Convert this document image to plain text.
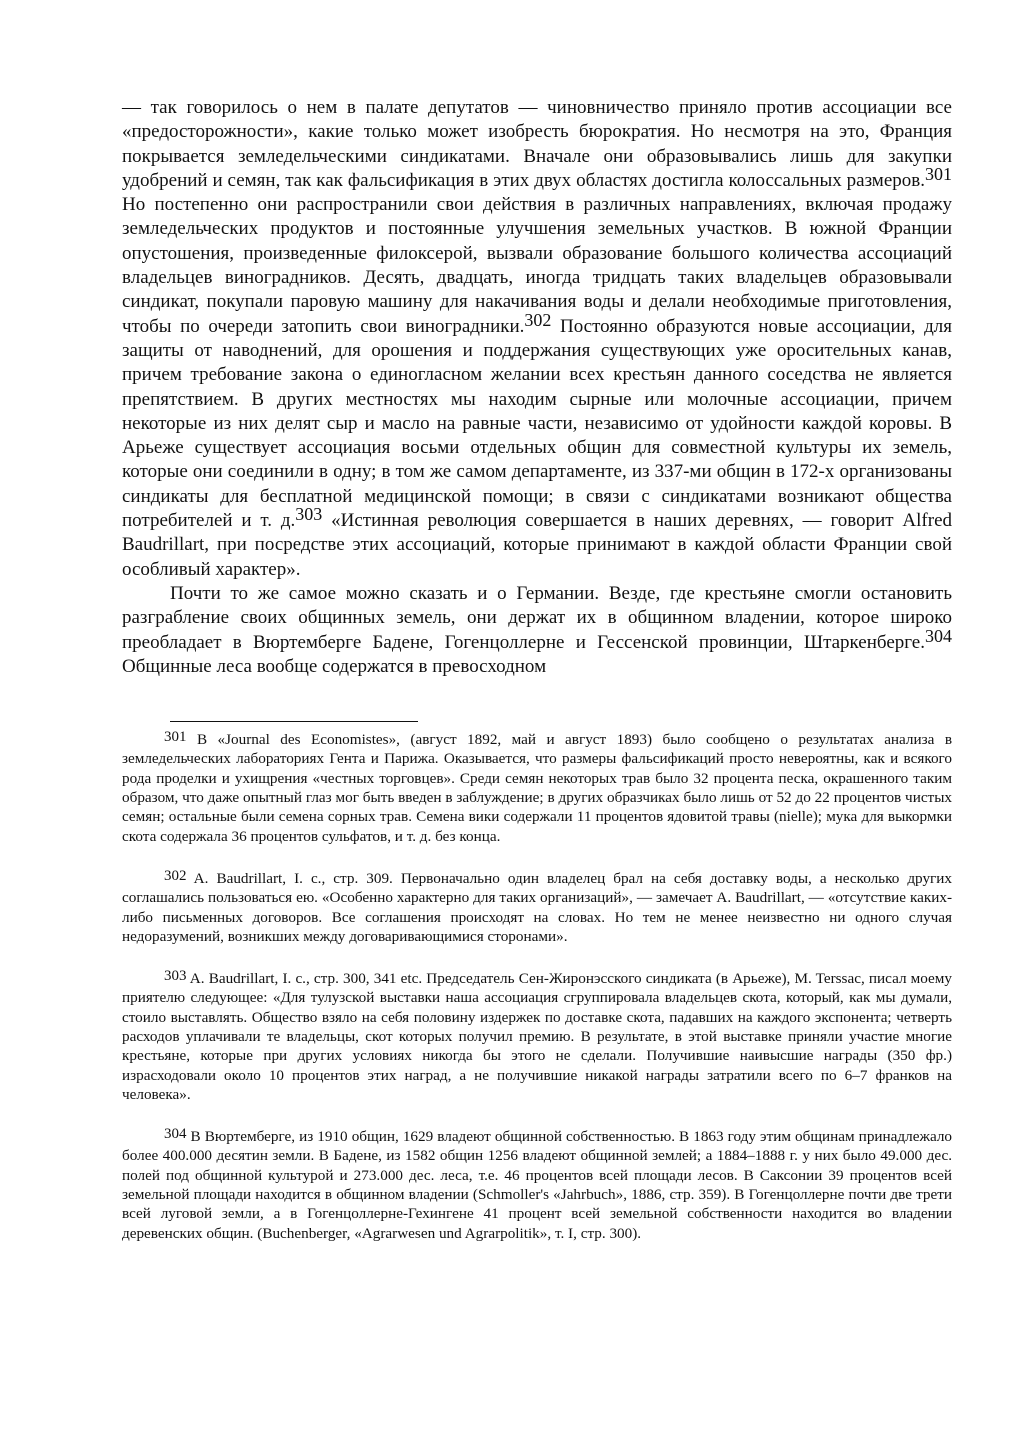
— так говорилось о нем в палате депутатов — чиновничество приняло против ассоциации все «предосторожности», какие только может изобресть бюрократия. Но несмотря на это, Франция покрывается земледельческими синдикатами. Вначале они образовывались лишь для закупки удобрений и семян, так как фальсификация в этих двух областях достигла колоссальных размеров.$^{301}$ Но постепенно они распространили свои действия в различных направлениях, включая продажу земледельческих продуктов и постоянные улучшения земельных участков. В южной Франции опустошения, произведенные филоксерой, вызвали образование большого количества ассоциаций владельцев виноградников. Десять, двадцать, иногда тридцать таких владельцев образовывали синдикат, покупали паровую машину для накачивания воды и делали необходимые приготовления, чтобы по очереди затопить свои виноградники.$^{302}$ Постоянно образуются новые ассоциации, для защиты от наводнений, для орошения и поддержания существующих уже оросительных канав, причем требование закона о единогласном желании всех крестьян данного соседства не является препятствием. В других местностях мы находим сырные или молочные ассоциации, причем некоторые из них делят сыр и масло на равные части, независимо от удойности каждой коровы. В Арьеже существует ассоциация восьми отдельных общин для совместной культуры их земель, которые они соединили в одну; в том же самом департаменте, из 337-ми общин в 172-х организованы синдикаты для бесплатной медицинской помощи; в связи с синдикатами возникают общества потребителей и т. д.$^{303}$ «Истинная революция совершается в наших деревнях, — говорит Alfred Baudrillart, при посредстве этих ассоциаций, которые принимают в каждой области Франции свой особливый характер».

Почти то же самое можно сказать и о Германии. Везде, где крестьяне смогли остановить разграбление своих общинных земель, они держат их в общинном владении, которое широко преобладает в Вюртемберге Бадене, Гогенцоллерне и Гессенской провинции, Штаркенберге.$^{304}$ Общинные леса вообще содержатся в превосходном

301 В «Journal des Economistes», (август 1892, май и август 1893) было сообщено о результатах анализа в земледельческих лабораториях Гента и Парижа. Оказывается, что размеры фальсификаций просто невероятны, как и всякого рода проделки и ухищрения «честных торговцев». Среди семян некоторых трав было 32 процента песка, окрашенного таким образом, что даже опытный глаз мог быть введен в заблуждение; в других образчиках было лишь от 52 до 22 процентов чистых семян; остальные были семена сорных трав. Семена вики содержали 11 процентов ядовитой травы (nielle); мука для выкормки скота содержала 36 процентов сульфатов, и т. д. без конца.

302 A. Baudrillart, I. c., стр. 309. Первоначально один владелец брал на себя доставку воды, а несколько других соглашались пользоваться ею. «Особенно характерно для таких организаций», — замечает A. Baudrillart, — «отсутствие каких-либо письменных договоров. Все соглашения происходят на словах. Но тем не менее неизвестно ни одного случая недоразумений, возникших между договаривающимися сторонами».

303 A. Baudrillart, I. c., стр. 300, 341 etc. Председатель Сен-Жиронэсского синдиката (в Арьеже), M. Terssac, писал моему приятелю следующее: «Для тулузской выставки наша ассоциация сгруппировала владельцев скота, который, как мы думали, стоило выставлять. Общество взяло на себя половину издержек по доставке скота, падавших на каждого экспонента; четверть расходов уплачивали те владельцы, скот которых получил премию. В результате, в этой выставке приняли участие многие крестьяне, которые при других условиях никогда бы этого не сделали. Получившие наивысшие награды (350 фр.) израсходовали около 10 процентов этих наград, а не получившие никакой награды затратили всего по 6–7 франков на человека».

304 В Вюртемберге, из 1910 общин, 1629 владеют общинной собственностью. В 1863 году этим общинам принадлежало более 400.000 десятин земли. В Бадене, из 1582 общин 1256 владеют общинной землей; а 1884–1888 г. у них было 49.000 дес. полей под общинной культурой и 273.000 дес. леса, т.е. 46 процентов всей площади лесов. В Саксонии 39 процентов всей земельной площади находится в общинном владении (Schmoller's «Jahrbuch», 1886, стр. 359). В Гогенцоллерне почти две трети всей луговой земли, а в Гогенцоллерне-Гехингене 41 процент всей земельной собственности находится во владении деревенских общин. (Buchenberger, «Agrarwesen und Agrarpolitik», т. I, стр. 300).
